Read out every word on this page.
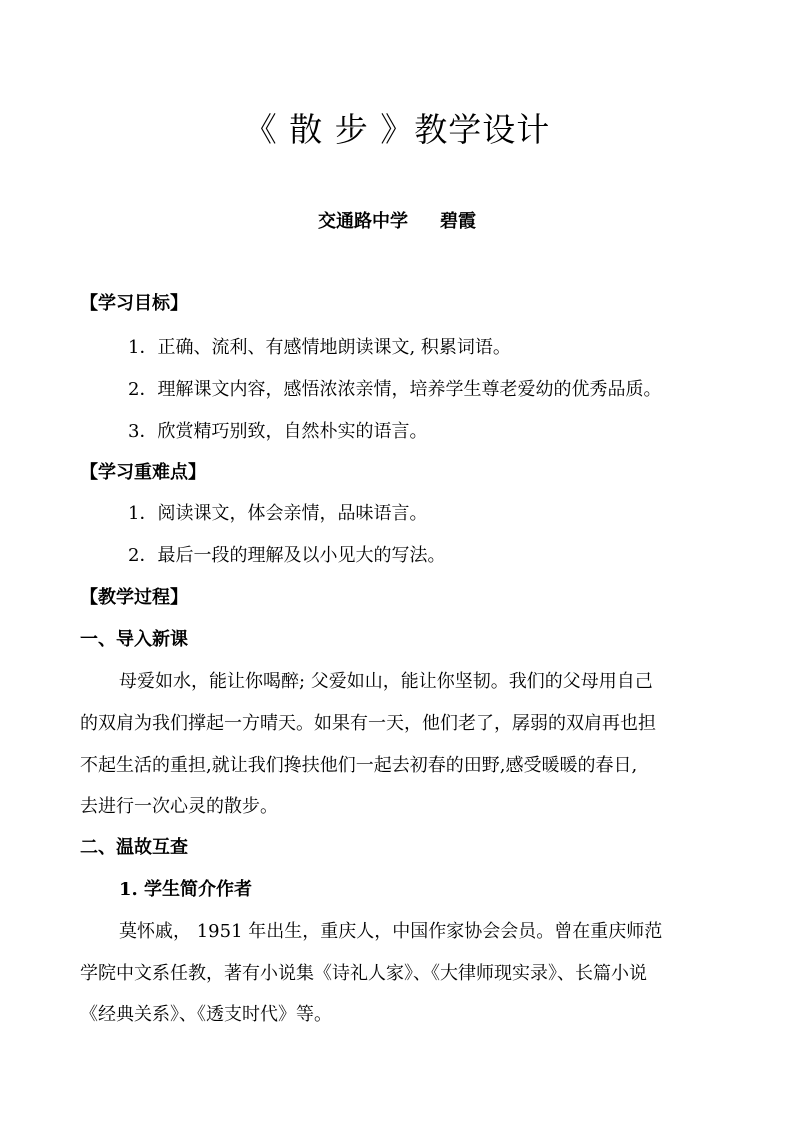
《 散 步 》教学设计
交通路中学 碧霞
【学习目标】
1．正确、流利、有感情地朗读课文, 积累词语。
2．理解课文内容，感悟浓浓亲情，培养学生尊老爱幼的优秀品质。
3．欣赏精巧别致，自然朴实的语言。
【学习重难点】
1．阅读课文，体会亲情，品味语言。
2．最后一段的理解及以小见大的写法。
【教学过程】
一、导入新课
母爱如水，能让你喝醉; 父爱如山，能让你坚韧。我们的父母用自己
的双肩为我们撑起一方晴天。如果有一天，他们老了，孱弱的双肩再也担
不起生活的重担,就让我们搀扶他们一起去初春的田野,感受暖暖的春日,
去进行一次心灵的散步。
二、温故互查
1. 学生简介作者
莫怀戚， 1951 年出生，重庆人，中国作家协会会员。曾在重庆师范
学院中文系任教，著有小说集《诗礼人家》、《大律师现实录》、长篇小说
《经典关系》、《透支时代》等。
